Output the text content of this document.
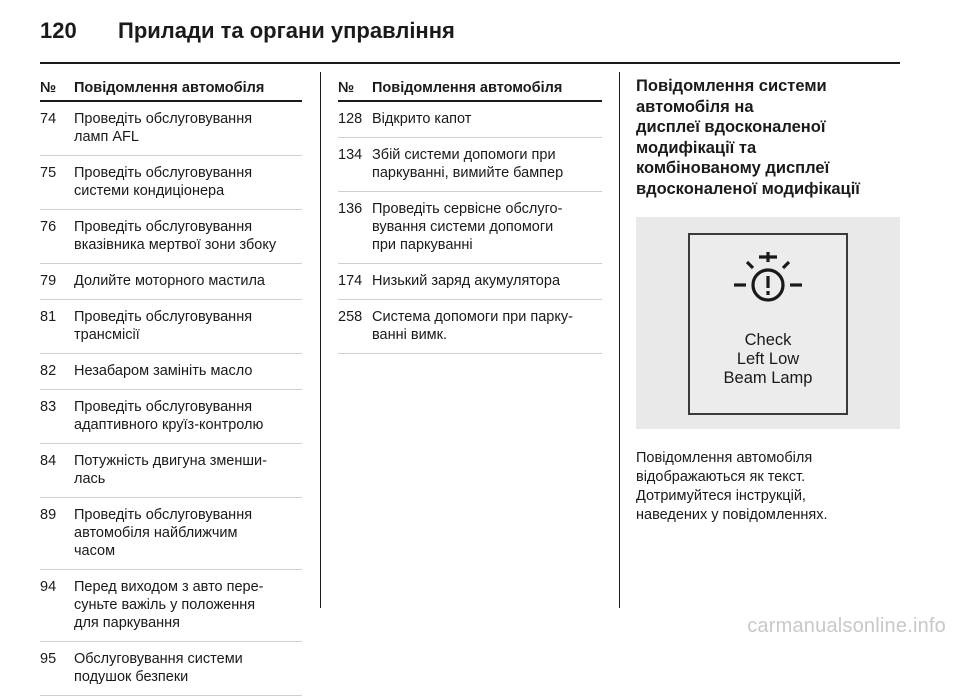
120	Прилади та органи управління
№	Повідомлення автомобіля
74	Проведіть обслуговування
ламп AFL
75	Проведіть обслуговування
системи кондиціонера
76	Проведіть обслуговування
вказівника мертвої зони збоку
79	Долийте моторного мастила
81	Проведіть обслуговування
трансмісії
82	Незабаром замініть масло
83	Проведіть обслуговування
адаптивного круїз-контролю
84	Потужність двигуна зменши‐
лась
89	Проведіть обслуговування
автомобіля найближчим
часом
94	Перед виходом з авто пере‐
суньте важіль у положення
для паркування
95	Обслуговування системи
подушок безпеки
№	Повідомлення автомобіля
128 Відкрито капот
134 Збій системи допомоги при
паркуванні, вимийте бампер
136 Проведіть сервісне обслуго‐
вування системи допомоги
при паркуванні
174 Низький заряд акумулятора
258 Система допомоги при парку‐
ванні вимк.
Повідомлення системи
автомобіля на
дисплеї вдосконаленої
модифікації та
комбінованому дисплеї
вдосконаленої модифікації
Check
Left Low
Beam Lamp
Повідомлення автомобіля
відображаються як текст.
Дотримуйтеся інструкцій,
наведених у повідомленнях.
carmanualsonline.info
